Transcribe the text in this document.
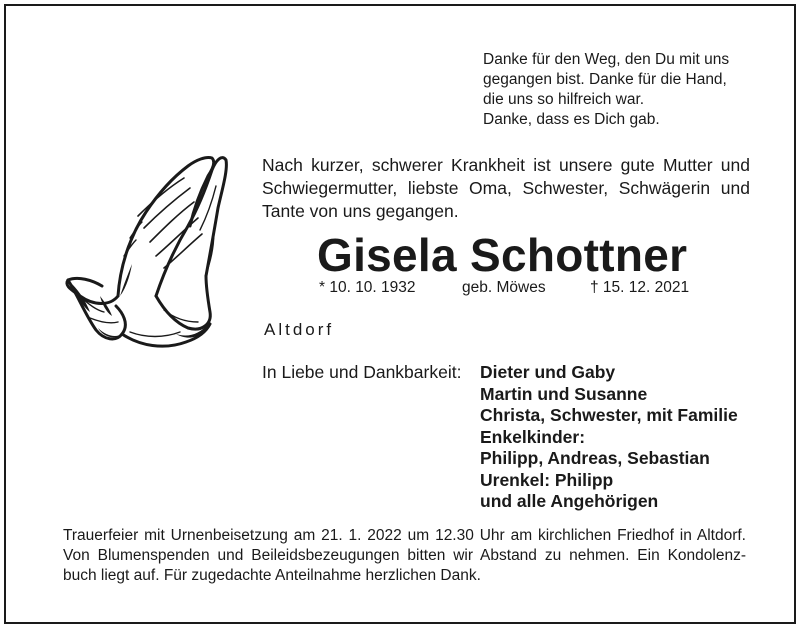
Danke für den Weg, den Du mit uns
gegangen bist. Danke für die Hand,
die uns so hilfreich war.
Danke, dass es Dich gab.
Nach kurzer, schwerer Krankheit ist unsere gute Mutter und Schwiegermutter, liebste Oma, Schwester, Schwägerin und Tante von uns gegangen.
Gisela Schottner
* 10. 10. 1932	geb. Möwes	† 15. 12. 2021
Altdorf
In Liebe und Dankbarkeit: Dieter und Gaby
Martin und Susanne
Christa, Schwester, mit Familie
Enkelkinder:
Philipp, Andreas, Sebastian
Urenkel: Philipp
und alle Angehörigen
Trauerfeier mit Urnenbeisetzung am 21. 1. 2022 um 12.30 Uhr am kirchlichen Friedhof in Altdorf.
Von Blumenspenden und Beileidsbezeugungen bitten wir Abstand zu nehmen. Ein Kondolenz-
buch liegt auf. Für zugedachte Anteilnahme herzlichen Dank.
